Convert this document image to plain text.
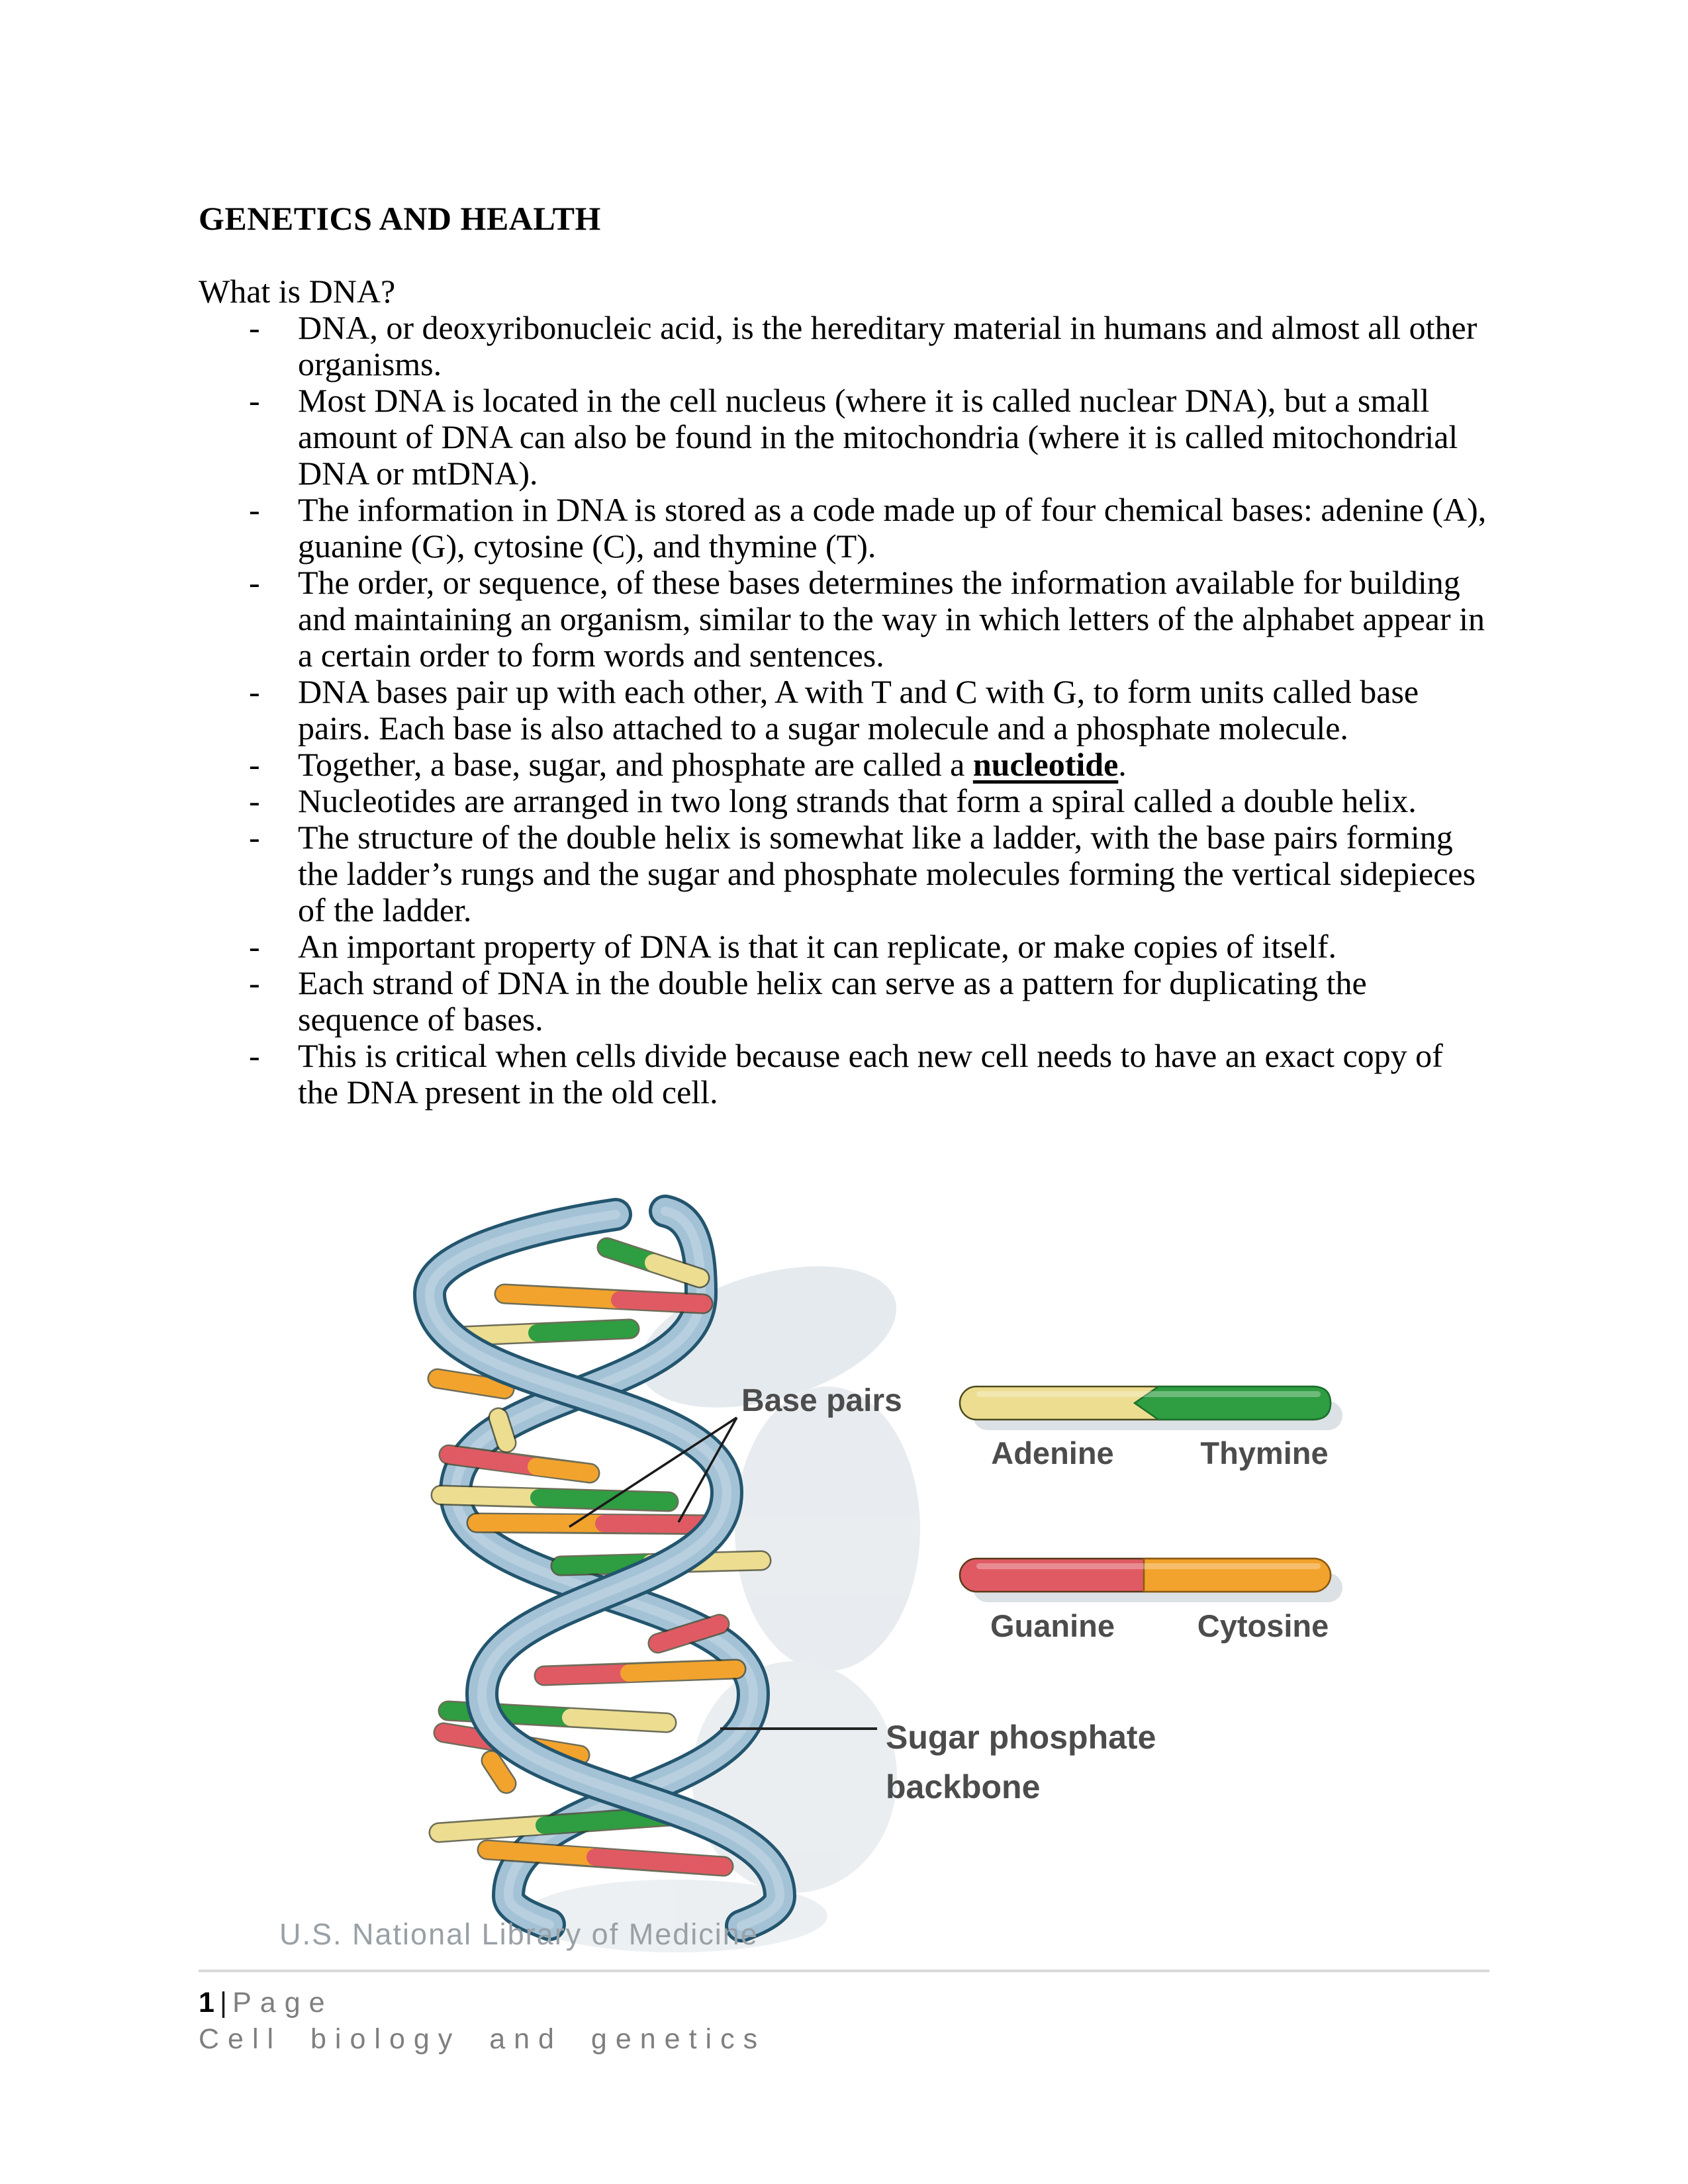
GENETICS AND HEALTH

What is DNA?

- DNA, or deoxyribonucleic acid, is the hereditary material in humans and almost all other organisms.
- Most DNA is located in the cell nucleus (where it is called nuclear DNA), but a small amount of DNA can also be found in the mitochondria (where it is called mitochondrial DNA or mtDNA).
- The information in DNA is stored as a code made up of four chemical bases: adenine (A), guanine (G), cytosine (C), and thymine (T).
- The order, or sequence, of these bases determines the information available for building and maintaining an organism, similar to the way in which letters of the alphabet appear in a certain order to form words and sentences.
- DNA bases pair up with each other, A with T and C with G, to form units called base pairs. Each base is also attached to a sugar molecule and a phosphate molecule.
- Together, a base, sugar, and phosphate are called a nucleotide.
- Nucleotides are arranged in two long strands that form a spiral called a double helix.
- The structure of the double helix is somewhat like a ladder, with the base pairs forming the ladder’s rungs and the sugar and phosphate molecules forming the vertical sidepieces of the ladder.
- An important property of DNA is that it can replicate, or make copies of itself.
- Each strand of DNA in the double helix can serve as a pattern for duplicating the sequence of bases.
- This is critical when cells divide because each new cell needs to have an exact copy of the DNA present in the old cell.
Base pairs
Adenine	Thymine
Guanine	Cytosine
Sugar phosphate
backbone
U.S. National Library of Medicine
1|Page
Cell biology and genetics
